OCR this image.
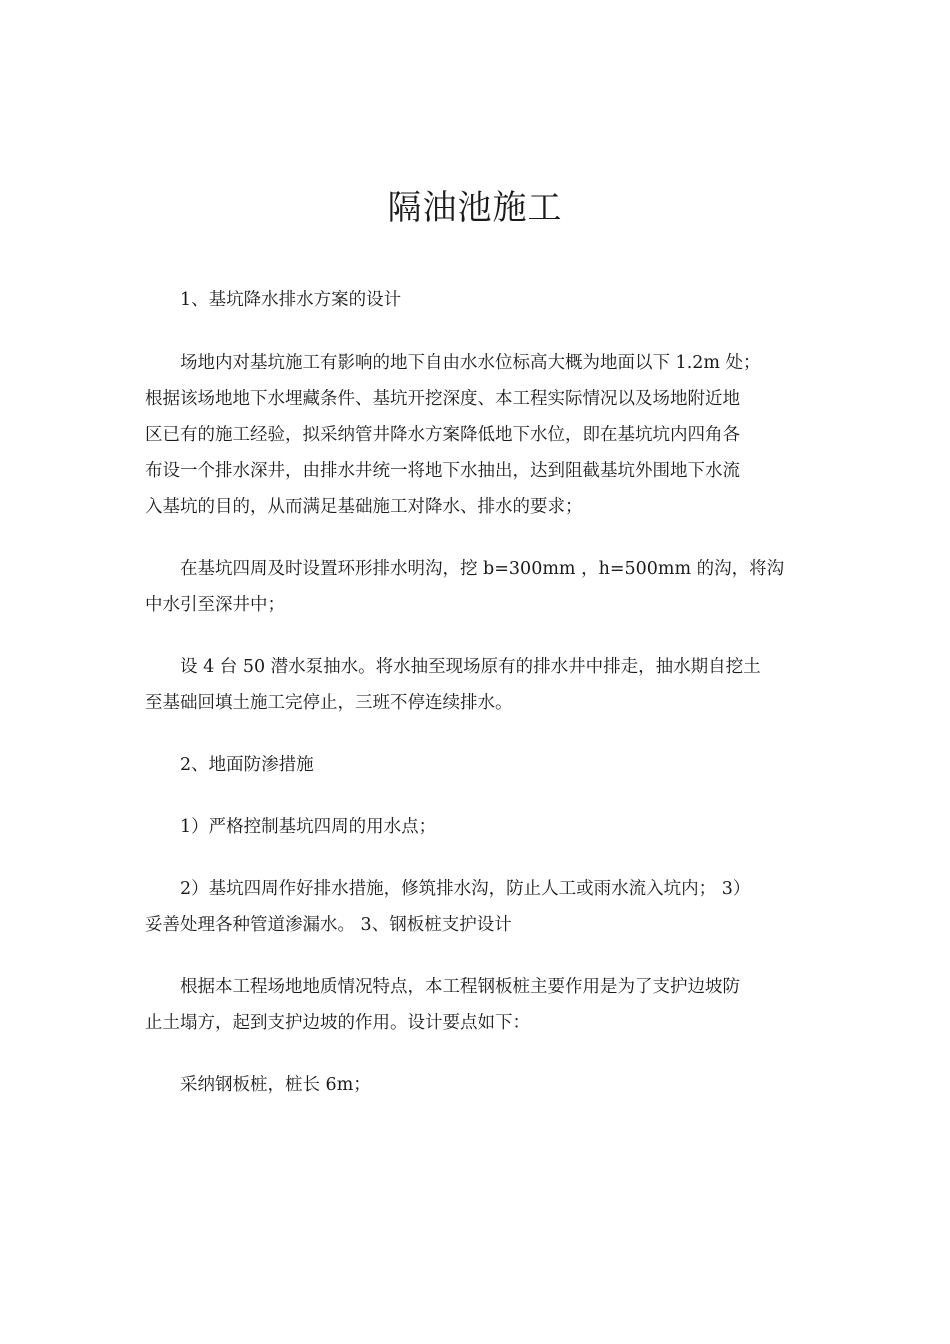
隔油池施工

1、基坑降水排水方案的设计

场地内对基坑施工有影响的地下自由水水位标高大概为地面以下 1.2m 处；
根据该场地地下水埋藏条件、基坑开挖深度、本工程实际情况以及场地附近地
区已有的施工经验，拟采纳管井降水方案降低地下水位，即在基坑坑内四角各
布设一个排水深井，由排水井统一将地下水抽出，达到阻截基坑外围地下水流
入基坑的目的，从而满足基础施工对降水、排水的要求；

在基坑四周及时设置环形排水明沟，挖 b=300mm ，h=500mm 的沟，将沟
中水引至深井中；

设 4 台 50 潜水泵抽水。将水抽至现场原有的排水井中排走，抽水期自挖土
至基础回填土施工完停止，三班不停连续排水。

2、地面防渗措施

1）严格控制基坑四周的用水点；

2）基坑四周作好排水措施，修筑排水沟，防止人工或雨水流入坑内； 3）
妥善处理各种管道渗漏水。 3、钢板桩支护设计

根据本工程场地地质情况特点，本工程钢板桩主要作用是为了支护边坡防
止土塌方，起到支护边坡的作用。设计要点如下：

采纳钢板桩，桩长 6m；
